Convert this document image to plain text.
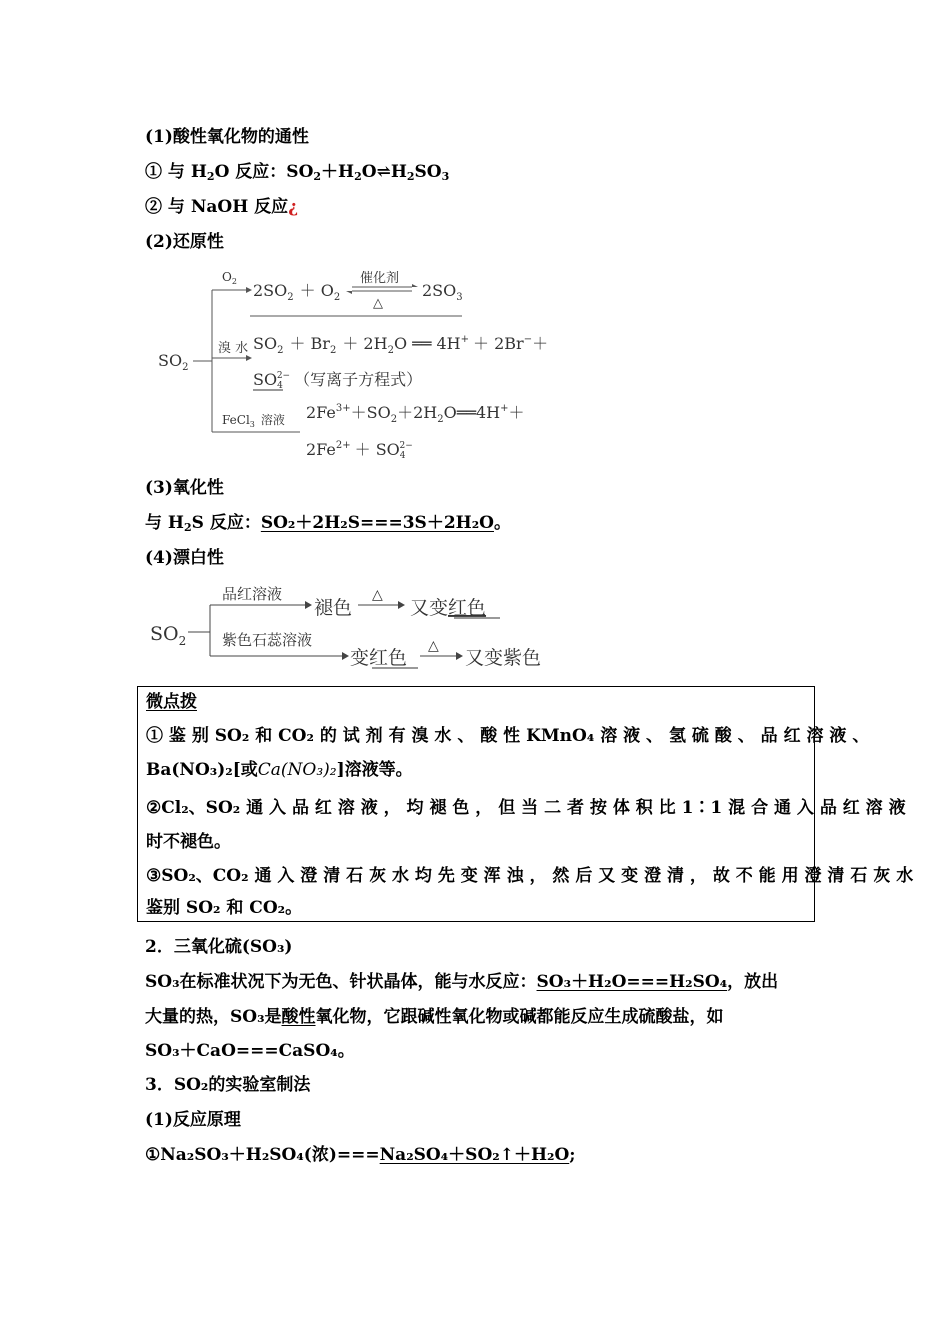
(1)酸性氧化物的通性
① 与 $H_2O$ 反应：$SO_2+H_2O\rightleftharpoons H_2SO_3$
② 与 NaOH 反应¿
(2)还原性
$SO_2$
$O_2$ $2SO_2 + O_2$
催化剂
△
$2SO_3$
溴 水 $SO_2 + Br_2 + 2H_2O$ ══ 4H+ ＋ 2Br−＋
SO42− （写离子方程式）
FeCl$_3$ 溶液 $2Fe^{3+}+SO_2+2H_2O══4H^++$
$2Fe^{2+} + SO42-$
(3)氧化性
与 $H_2S$ 反应：SO₂＋2H₂S===3S＋2H₂O。
(4)漂白性
$SO_2$
品红溶液
褪色
△
又变红色
紫色石蕊溶液
变红色
△
又变紫色
微点拨
① 鉴 别 SO₂ 和 CO₂ 的 试 剂 有 溴 水 、 酸 性 KMnO₄ 溶 液 、 氢 硫 酸 、 品 红 溶 液 、
Ba(NO₃)₂[或Ca(NO₃)₂]溶液等。
②Cl₂、SO₂ 通 入 品 红 溶 液 ， 均 褪 色 ， 但 当 二 者 按 体 积 比 1∶1 混 合 通 入 品 红 溶 液
时不褪色。
③SO₂、CO₂ 通 入 澄 清 石 灰 水 均 先 变 浑 浊 ， 然 后 又 变 澄 清 ， 故 不 能 用 澄 清 石 灰 水
鉴别 SO₂ 和 CO₂。
2．三氧化硫(SO₃)
SO₃在标准状况下为无色、针状晶体，能与水反应：SO₃＋H₂O===H₂SO₄，放出
大量的热，SO₃是酸性氧化物，它跟碱性氧化物或碱都能反应生成硫酸盐，如
SO₃＋CaO===CaSO₄。
3．SO₂的实验室制法
(1)反应原理
①Na₂SO₃＋H₂SO₄(浓)===Na₂SO₄＋SO₂↑＋H₂O;
